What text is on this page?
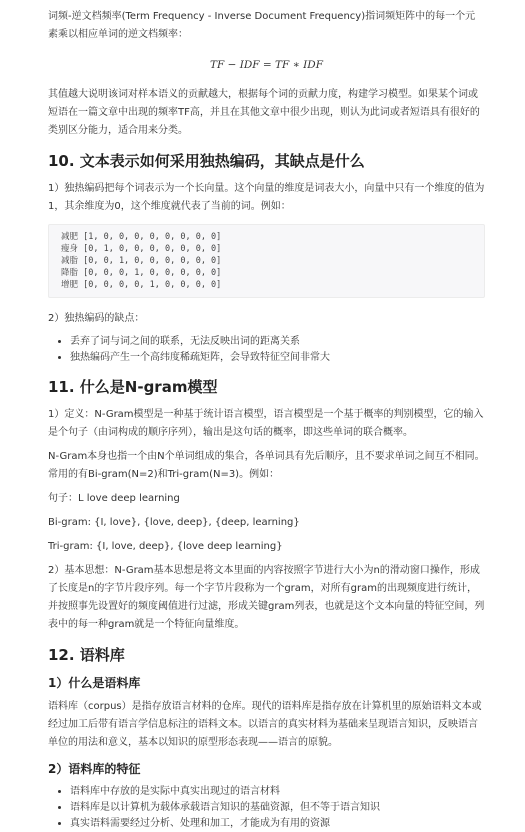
词频-逆文档频率(Term Frequency - Inverse Document Frequency)指词频矩阵中的每一个元素乘以相应单词的逆文档频率：

TF − IDF = TF ∗ IDF

其值越大说明该词对样本语义的贡献越大，根据每个词的贡献力度，构建学习模型。如果某个词或短语在一篇文章中出现的频率TF高，并且在其他文章中很少出现，则认为此词或者短语具有很好的类别区分能力，适合用来分类。

10. 文本表示如何采用独热编码，其缺点是什么

1）独热编码把每个词表示为一个长向量。这个向量的维度是词表大小，向量中只有一个维度的值为1，其余维度为0，这个维度就代表了当前的词。例如：

减肥 [1, 0, 0, 0, 0, 0, 0, 0, 0]
瘦身 [0, 1, 0, 0, 0, 0, 0, 0, 0]
减脂 [0, 0, 1, 0, 0, 0, 0, 0, 0]
降脂 [0, 0, 0, 1, 0, 0, 0, 0, 0]
增肥 [0, 0, 0, 0, 1, 0, 0, 0, 0]

2）独热编码的缺点：

• 丢弃了词与词之间的联系，无法反映出词的距离关系
• 独热编码产生一个高纬度稀疏矩阵，会导致特征空间非常大
11. 什么是N-gram模型

1）定义：N-Gram模型是一种基于统计语言模型，语言模型是一个基于概率的判别模型，它的输入是个句子（由词构成的顺序序列），输出是这句话的概率，即这些单词的联合概率。

N-Gram本身也指一个由N个单词组成的集合，各单词具有先后顺序，且不要求单词之间互不相同。常用的有Bi-gram(N=2)和Tri-gram(N=3)。例如：

句子：L love deep learning

Bi-gram: {I, love}, {love, deep}, {deep, learning}

Tri-gram: {I, love, deep}, {love deep learning}

2）基本思想：N-Gram基本思想是将文本里面的内容按照字节进行大小为n的滑动窗口操作，形成了长度是n的字节片段序列。每一个字节片段称为一个gram，对所有gram的出现频度进行统计，并按照事先设置好的频度阈值进行过滤，形成关键gram列表，也就是这个文本向量的特征空间，列表中的每一种gram就是一个特征向量维度。

12. 语料库
1）什么是语料库

语料库（corpus）是指存放语言材料的仓库。现代的语料库是指存放在计算机里的原始语料文本或经过加工后带有语言学信息标注的语料文本。以语言的真实材料为基础来呈现语言知识，反映语言单位的用法和意义，基本以知识的原型形态表现——语言的原貌。

2）语料库的特征
• 语料库中存放的是实际中真实出现过的语言材料
• 语料库是以计算机为载体承载语言知识的基础资源，但不等于语言知识
• 真实语料需要经过分析、处理和加工，才能成为有用的资源
